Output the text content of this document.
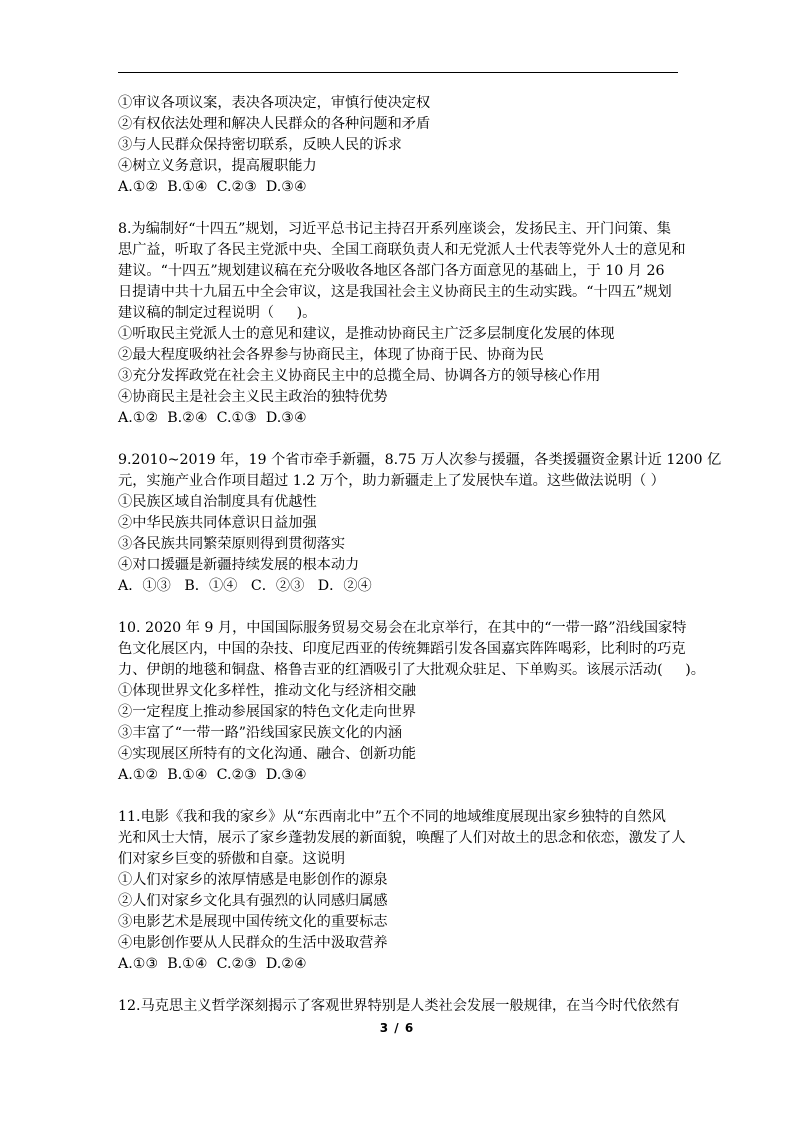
①审议各项议案，表决各项决定，审慎行使决定权
②有权依法处理和解决人民群众的各种问题和矛盾
③与人民群众保持密切联系，反映人民的诉求
④树立义务意识，提高履职能力
A.①②  B.①④  C.②③  D.③④
8.为编制好“十四五”规划，习近平总书记主持召开系列座谈会，发扬民主、开门问策、集
思广益，听取了各民主党派中央、全国工商联负责人和无党派人士代表等党外人士的意见和
建议。“十四五”规划建议稿在充分吸收各地区各部门各方面意见的基础上，于 10 月 26
日提请中共十九届五中全会审议，这是我国社会主义协商民主的生动实践。“十四五”规划
建议稿的制定过程说明（     )。
①听取民主党派人士的意见和建议，是推动协商民主广泛多层制度化发展的体现
②最大程度吸纳社会各界参与协商民主，体现了协商于民、协商为民
③充分发挥政党在社会主义协商民主中的总揽全局、协调各方的领导核心作用
④协商民主是社会主义民主政治的独特优势
A.①②  B.②④  C.①③  D.③④
9.2010~2019 年，19 个省市牵手新疆，8.75 万人次参与援疆，各类援疆资金累计近 1200 亿
元，实施产业合作项目超过 1.2 万个，助力新疆走上了发展快车道。这些做法说明（ ）
①民族区域自治制度具有优越性
②中华民族共同体意识日益加强
③各民族共同繁荣原则得到贯彻落实
④对口援疆是新疆持续发展的根本动力
A．①③   B．①④   C．②③   D．②④
10. 2020 年 9 月，中国国际服务贸易交易会在北京举行，在其中的“一带一路”沿线国家特
色文化展区内，中国的杂技、印度尼西亚的传统舞蹈引发各国嘉宾阵阵喝彩，比利时的巧克
力、伊朗的地毯和铜盘、格鲁吉亚的红酒吸引了大批观众驻足、下单购买。该展示活动(     )。
①体现世界文化多样性，推动文化与经济相交融
②一定程度上推动参展国家的特色文化走向世界
③丰富了“一带一路”沿线国家民族文化的内涵
④实现展区所特有的文化沟通、融合、创新功能
A.①②  B.①④  C.②③  D.③④
11.电影《我和我的家乡》从“东西南北中”五个不同的地域维度展现出家乡独特的自然风
光和风士大情，展示了家乡蓬勃发展的新面貌，唤醒了人们对故土的思念和依恋，激发了人
们对家乡巨变的骄傲和自豪。这说明
①人们对家乡的浓厚情感是电影创作的源泉
②人们对家乡文化具有强烈的认同感归属感
③电影艺术是展现中国传统文化的重要标志
④电影创作要从人民群众的生活中汲取营养
A.①③  B.①④  C.②③  D.②④
12.马克思主义哲学深刻揭示了客观世界特别是人类社会发展一般规律，在当今时代依然有
3 / 6
